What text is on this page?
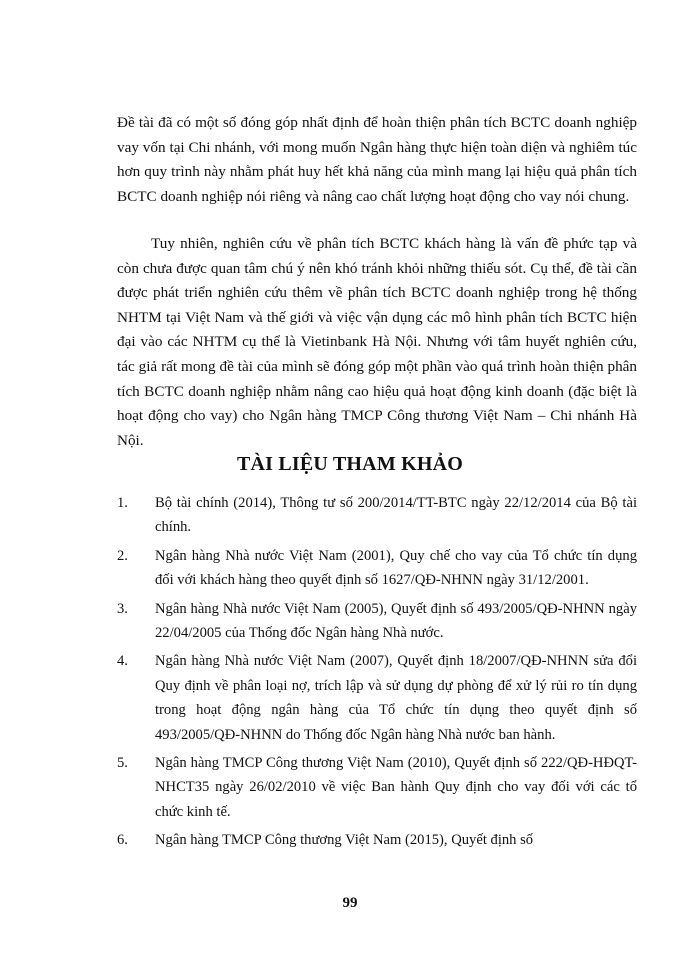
Đề tài đã có một số đóng góp nhất định để hoàn thiện phân tích BCTC doanh nghiệp vay vốn tại Chi nhánh, với mong muốn Ngân hàng thực hiện toàn diện và nghiêm túc hơn quy trình này nhằm phát huy hết khả năng của mình mang lại hiệu quả phân tích BCTC doanh nghiệp nói riêng và nâng cao chất lượng hoạt động cho vay nói chung.

Tuy nhiên, nghiên cứu về phân tích BCTC khách hàng là vấn đề phức tạp và còn chưa được quan tâm chú ý nên khó tránh khỏi những thiếu sót. Cụ thể, đề tài cần được phát triển nghiên cứu thêm về phân tích BCTC doanh nghiệp trong hệ thống NHTM tại Việt Nam và thế giới và việc vận dụng các mô hình phân tích BCTC hiện đại vào các NHTM cụ thể là Vietinbank Hà Nội. Nhưng với tâm huyết nghiên cứu, tác giả rất mong đề tài của mình sẽ đóng góp một phần vào quá trình hoàn thiện phân tích BCTC doanh nghiệp nhằm nâng cao hiệu quả hoạt động kinh doanh (đặc biệt là hoạt động cho vay) cho Ngân hàng TMCP Công thương Việt Nam – Chi nhánh Hà Nội.

TÀI LIỆU THAM KHẢO
1. Bộ tài chính (2014), Thông tư số 200/2014/TT-BTC ngày 22/12/2014 của Bộ tài chính.
2. Ngân hàng Nhà nước Việt Nam (2001), Quy chế cho vay của Tổ chức tín dụng đối với khách hàng theo quyết định số 1627/QĐ-NHNN ngày 31/12/2001.
3. Ngân hàng Nhà nước Việt Nam (2005), Quyết định số 493/2005/QĐ-NHNN ngày 22/04/2005 của Thống đốc Ngân hàng Nhà nước.
4. Ngân hàng Nhà nước Việt Nam (2007), Quyết định 18/2007/QĐ-NHNN sửa đổi Quy định về phân loại nợ, trích lập và sử dụng dự phòng để xử lý rủi ro tín dụng trong hoạt động ngân hàng của Tổ chức tín dụng theo quyết định số 493/2005/QĐ-NHNN do Thống đốc Ngân hàng Nhà nước ban hành.
5. Ngân hàng TMCP Công thương Việt Nam (2010), Quyết định số 222/QĐ-HĐQT-NHCT35 ngày 26/02/2010 về việc Ban hành Quy định cho vay đối với các tổ chức kinh tế.
6. Ngân hàng TMCP Công thương Việt Nam (2015), Quyết định số
99
